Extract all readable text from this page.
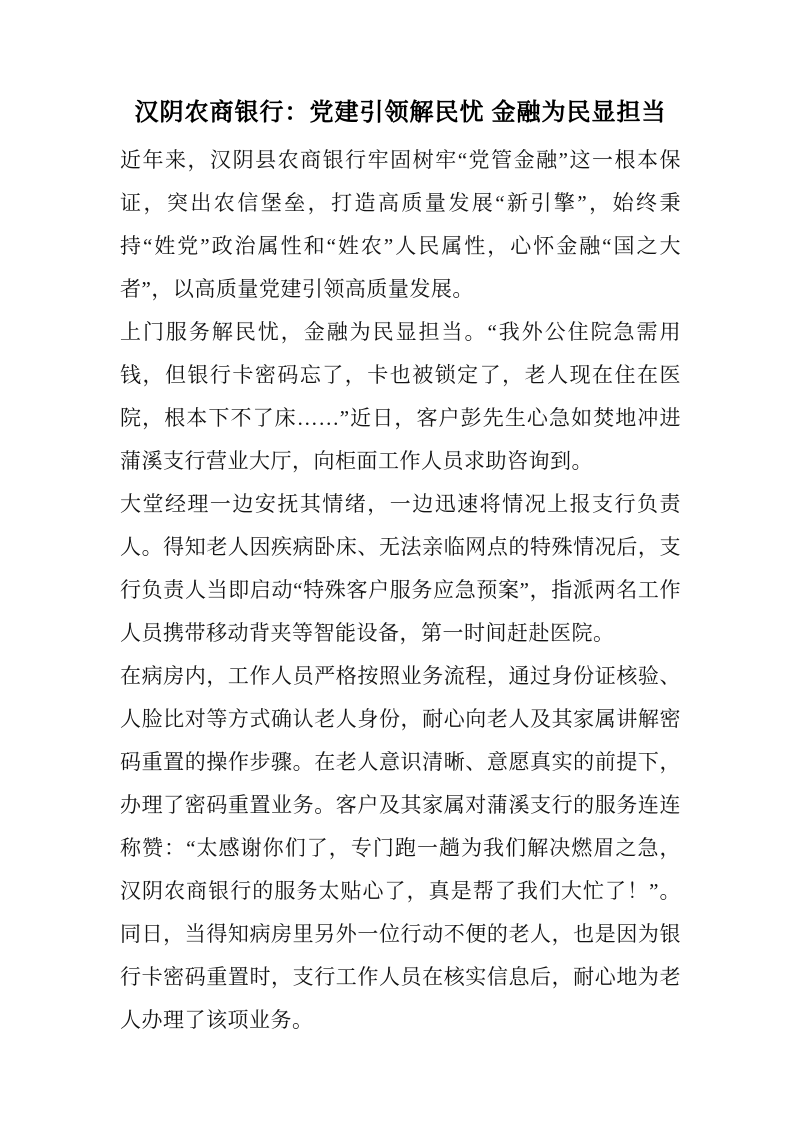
汉阴农商银行：党建引领解民忧 金融为民显担当

近年来，汉阴县农商银行牢固树牢“党管金融”这一根本保证，突出农信堡垒，打造高质量发展“新引擎”，始终秉持“姓党”政治属性和“姓农”人民属性，心怀金融“国之大者”，以高质量党建引领高质量发展。

上门服务解民忧，金融为民显担当。“我外公住院急需用钱，但银行卡密码忘了，卡也被锁定了，老人现在住在医院，根本下不了床……”近日，客户彭先生心急如焚地冲进蒲溪支行营业大厅，向柜面工作人员求助咨询到。

大堂经理一边安抚其情绪，一边迅速将情况上报支行负责人。得知老人因疾病卧床、无法亲临网点的特殊情况后，支行负责人当即启动“特殊客户服务应急预案”，指派两名工作人员携带移动背夹等智能设备，第一时间赶赴医院。

在病房内，工作人员严格按照业务流程，通过身份证核验、人脸比对等方式确认老人身份，耐心向老人及其家属讲解密码重置的操作步骤。在老人意识清晰、意愿真实的前提下，办理了密码重置业务。客户及其家属对蒲溪支行的服务连连称赞：“太感谢你们了，专门跑一趟为我们解决燃眉之急，汉阴农商银行的服务太贴心了，真是帮了我们大忙了！”。同日，当得知病房里另外一位行动不便的老人，也是因为银行卡密码重置时，支行工作人员在核实信息后，耐心地为老人办理了该项业务。
